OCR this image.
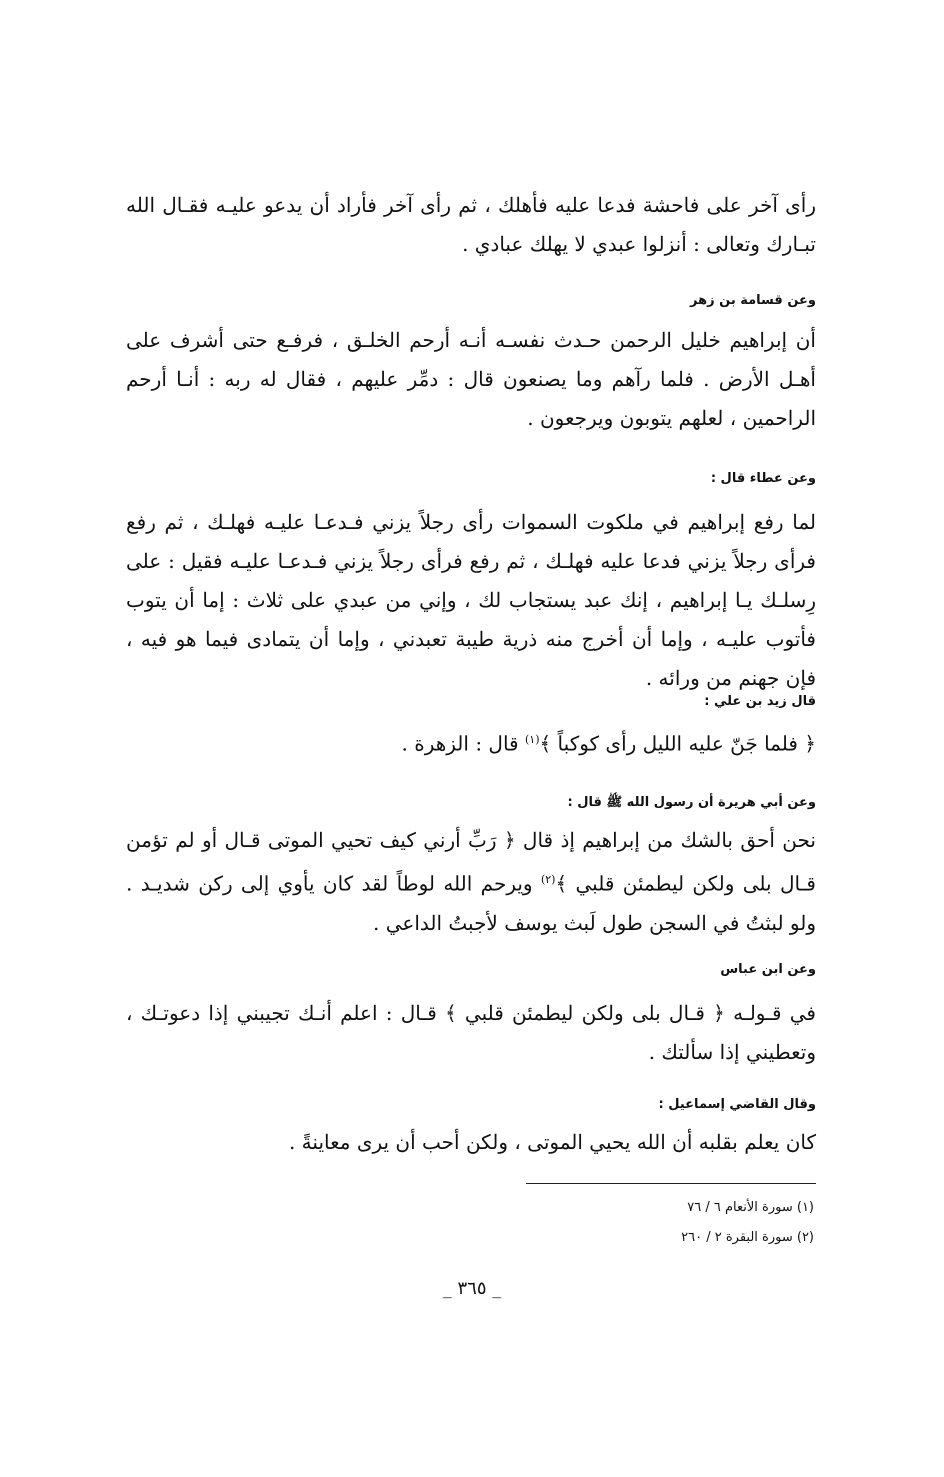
رأى آخر على فاحشة فدعا عليه فأهلك ، ثم رأى آخر فأراد أن يدعو عليـه فقـال الله تبـارك وتعالى : أنزلوا عبدي لا يهلك عبادي .

وعن قسامة بن زهر

أن إبراهيم خليل الرحمن حـدث نفسـه أنـه أرحم الخلـق ، فرفـع حتى أشرف على أهـل الأرض . فلما رآهم وما يصنعون قال : دمِّر عليهم ، فقال له ربه : أنـا أرحم الراحمين ، لعلهم يتوبون ويرجعون .

وعن عطاء قال :

لما رفع إبراهيم في ملكوت السموات رأى رجلاً يزني فـدعـا عليـه فهلـك ، ثم رفع فرأى رجلاً يزني فدعا عليه فهلـك ، ثم رفع فرأى رجلاً يزني فـدعـا عليـه فقيل : على رِسلـك يـا إبراهيم ، إنك عبد يستجاب لك ، وإني من عبدي على ثلاث : إما أن يتوب فأتوب عليـه ، وإما أن أخرج منه ذرية طيبة تعبدني ، وإما أن يتمادى فيما هو فيه ، فإن جهنم من ورائه .

قال زيد بن علي :

﴿ فلما جَنّ عليه الليل رأى كوكباً ﴾$^{(١)}$ قال : الزهرة .

وعن أبي هريرة أن رسول الله ﷺ قال :

نحن أحق بالشك من إبراهيم إذ قال ﴿ رَبِّ أرني كيف تحيي الموتى قـال أو لم تؤمن قـال بلى ولكن ليطمئن قلبي ﴾$^{(٢)}$ ويرحم الله لوطاً لقد كان يأوي إلى ركن شديـد . ولو لبثتُ في السجن طول لَبث يوسف لأجبتُ الداعي .

وعن ابن عباس

في قـولـه ﴿ قـال بلى ولكن ليطمئن قلبي ﴾ قـال : اعلم أنـك تجيبني إذا دعوتـك ، وتعطيني إذا سألتك .

وقال القاضي إسماعيل :

كان يعلم بقلبه أن الله يحيي الموتى ، ولكن أحب أن يرى معاينةً .

(١) سورة الأنعام ٦ / ٧٦
(٢) سورة البقرة ٢ / ٢٦٠
_ ٣٦٥ _
